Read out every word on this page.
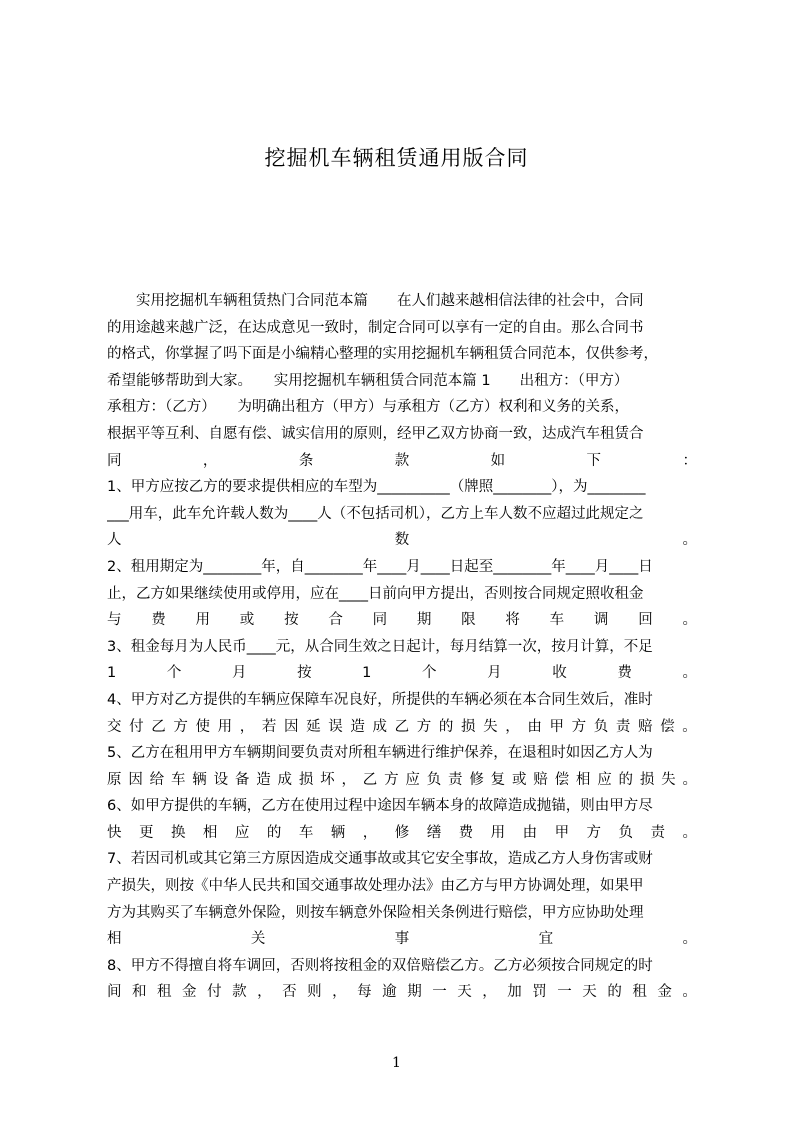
挖掘机车辆租赁通用版合同
　　实用挖掘机车辆租赁热门合同范本篇　　在人们越来越相信法律的社会中，合同
的用途越来越广泛，在达成意见一致时，制定合同可以享有一定的自由。那么合同书
的格式，你掌握了吗下面是小编精心整理的实用挖掘机车辆租赁合同范本，仅供参考，
希望能够帮助到大家。　　实用挖掘机车辆租赁合同范本篇 1　　出租方：（甲方）
承租方：（乙方）　　为明确出租方（甲方）与承租方（乙方）权利和义务的关系，
根据平等互利、自愿有偿、诚实信用的原则，经甲乙双方协商一致，达成汽车租赁合
同	，	条	款	如	下	：
1、甲方应按乙方的要求提供相应的车型为__________（牌照________），为________
___用车，此车允许载人数为____人（不包括司机），乙方上车人数不应超过此规定之
人	数	。
2、租用期定为________年，自________年____月____日起至________年____月____日
止，乙方如果继续使用或停用，应在____日前向甲方提出，否则按合同规定照收租金
与 费 用 或 按 合 同 期 限 将 车 调 回 。
3、租金每月为人民币____元，从合同生效之日起计，每月结算一次，按月计算，不足
1	个	月	按	1	个	月	收	费	。
4、甲方对乙方提供的车辆应保障车况良好，所提供的车辆必须在本合同生效后，准时
交 付 乙 方 使 用 ， 若 因 延 误 造 成 乙 方 的 损 失 ， 由 甲 方 负 责 赔 偿 。
5、乙方在租用甲方车辆期间要负责对所租车辆进行维护保养，在退租时如因乙方人为
原 因 给 车 辆 设 备 造 成 损 坏 ， 乙 方 应 负 责 修 复 或 赔 偿 相 应 的 损 失 。
6、如甲方提供的车辆，乙方在使用过程中途因车辆本身的故障造成抛锚，则由甲方尽
快 更 换 相 应 的 车 辆 ， 修 缮 费 用 由 甲 方 负 责 。
7、若因司机或其它第三方原因造成交通事故或其它安全事故，造成乙方人身伤害或财
产损失，则按《中华人民共和国交通事故处理办法》由乙方与甲方协调处理，如果甲
方为其购买了车辆意外保险，则按车辆意外保险相关条例进行赔偿，甲方应协助处理
相	关	事	宜	。
8、甲方不得擅自将车调回，否则将按租金的双倍赔偿乙方。乙方必须按合同规定的时
间 和 租 金 付 款 ， 否 则 ， 每 逾 期 一 天 ， 加 罚 一 天 的 租 金 。
1
